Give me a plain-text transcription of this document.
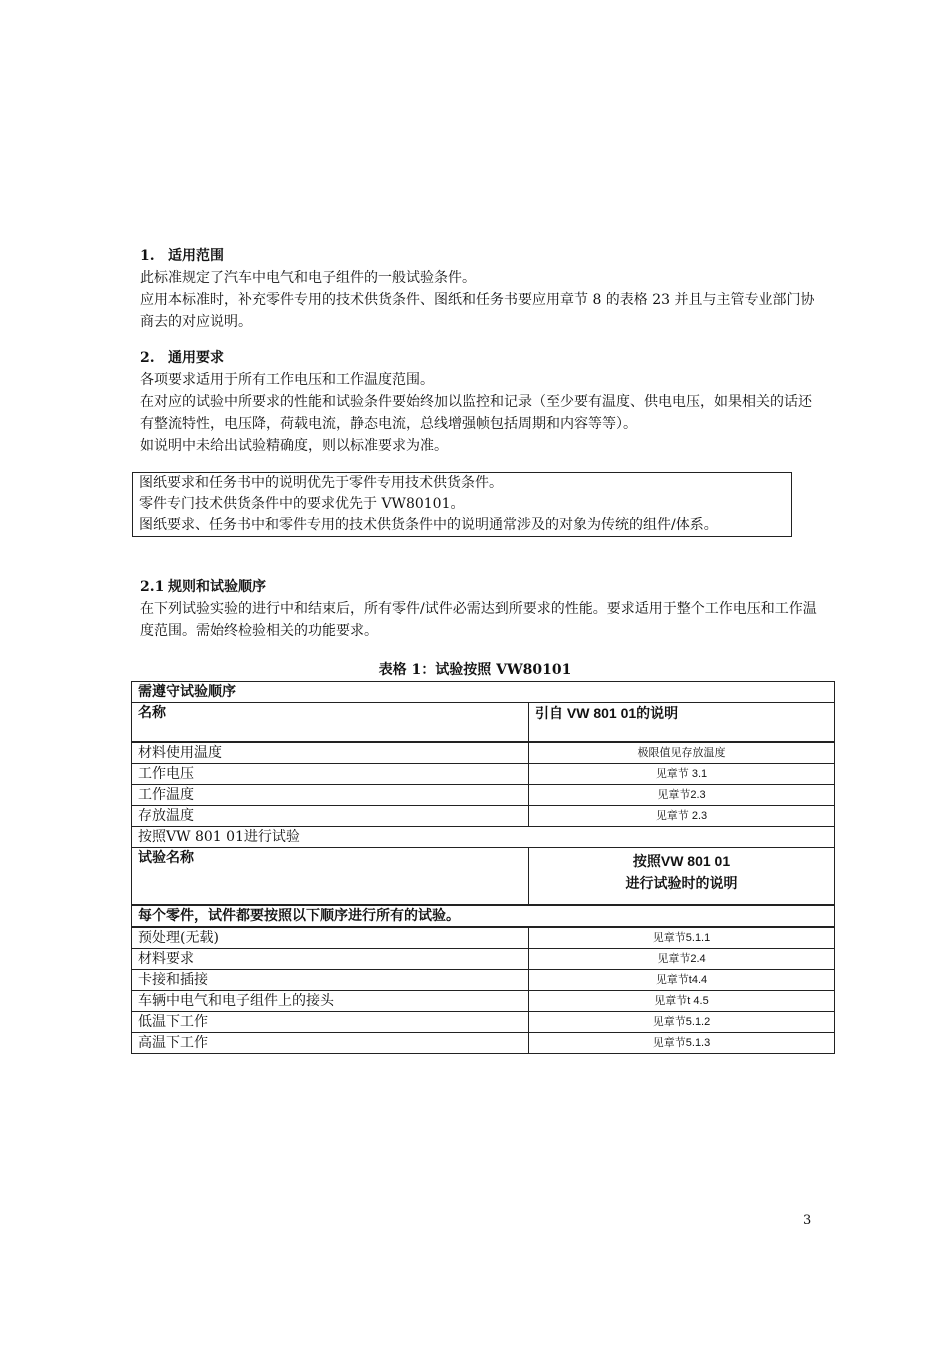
1. 适用范围

此标准规定了汽车中电气和电子组件的一般试验条件。

应用本标准时，补充零件专用的技术供货条件、图纸和任务书要应用章节 8 的表格 23 并且与主管专业部门协商去的对应说明。

2. 通用要求

各项要求适用于所有工作电压和工作温度范围。

在对应的试验中所要求的性能和试验条件要始终加以监控和记录（至少要有温度、供电电压，如果相关的话还有整流特性，电压降，荷载电流，静态电流，总线增强帧包括周期和内容等等）。

如说明中未给出试验精确度，则以标准要求为准。

图纸要求和任务书中的说明优先于零件专用技术供货条件。

零件专门技术供货条件中的要求优先于 VW80101。

图纸要求、任务书中和零件专用的技术供货条件中的说明通常涉及的对象为传统的组件/体系。

2.1 规则和试验顺序

在下列试验实验的进行中和结束后，所有零件/试件必需达到所要求的性能。要求适用于整个工作电压和工作温度范围。需始终检验相关的功能要求。

表格 1：试验按照 VW80101
需遵守试验顺序	
名称	引自 VW 801 01的说明
材料使用温度	极限值见存放温度
工作电压	见章节 3.1
工作温度	见章节2.3
存放温度	见章节 2.3
按照VW 801 01进行试验	
试验名称	按照VW 801 01
进行试验时的说明

每个零件，试件都要按照以下顺序进行所有的试验。	
预处理(无载)	见章节5.1.1
材料要求	见章节2.4
卡接和插接	见章节t4.4
车辆中电气和电子组件上的接头	见章节t 4.5
低温下工作	见章节5.1.2
高温下工作	见章节5.1.3
3
